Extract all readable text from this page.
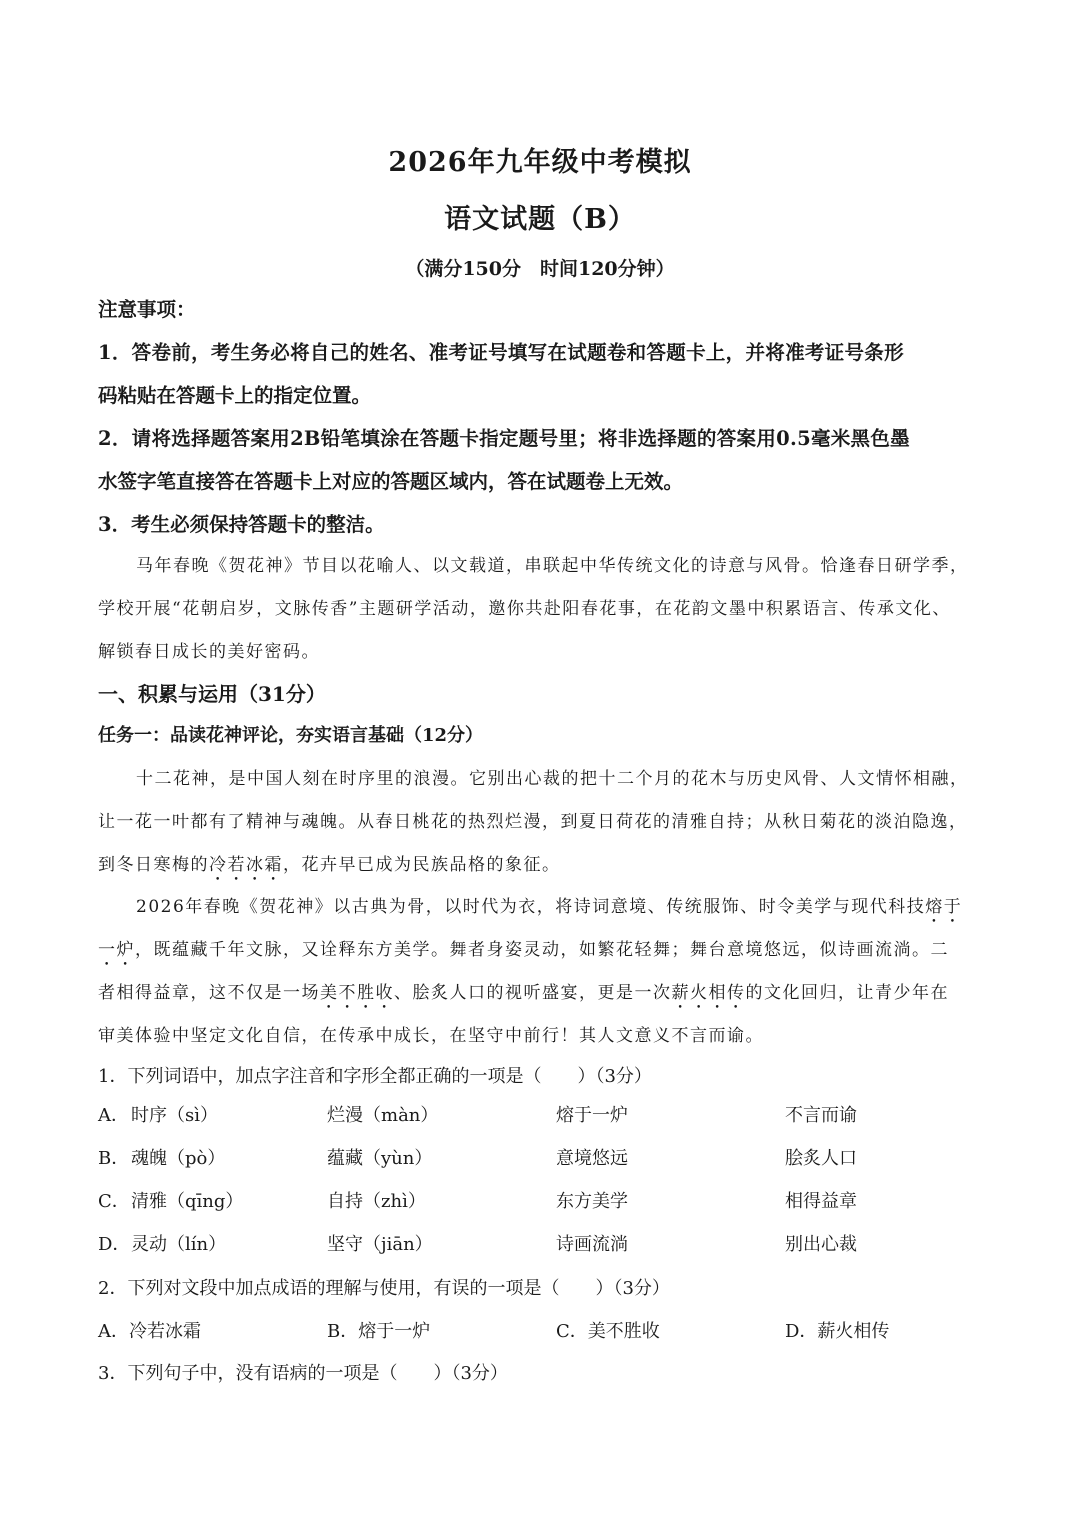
2026年九年级中考模拟
语文试题（B）
（满分150分　时间120分钟）
注意事项：
1．答卷前，考生务必将自己的姓名、准考证号填写在试题卷和答题卡上，并将准考证号条形
码粘贴在答题卡上的指定位置。
2．请将选择题答案用2B铅笔填涂在答题卡指定题号里；将非选择题的答案用0.5毫米黑色墨
水签字笔直接答在答题卡上对应的答题区域内，答在试题卷上无效。
3．考生必须保持答题卡的整洁。
马年春晚《贺花神》节目以花喻人、以文载道，串联起中华传统文化的诗意与风骨。恰逢春日研学季，
学校开展“花朝启岁，文脉传香”主题研学活动，邀你共赴阳春花事，在花韵文墨中积累语言、传承文化、
解锁春日成长的美好密码。
一、积累与运用（31分）
任务一：品读花神评论，夯实语言基础（12分）
十二花神，是中国人刻在时序里的浪漫。它别出心裁的把十二个月的花木与历史风骨、人文情怀相融，
让一花一叶都有了精神与魂魄。从春日桃花的热烈烂漫，到夏日荷花的清雅自持；从秋日菊花的淡泊隐逸，
到冬日寒梅的冷若冰霜，花卉早已成为民族品格的象征。
2026年春晚《贺花神》以古典为骨，以时代为衣，将诗词意境、传统服饰、时令美学与现代科技熔于
一炉，既蕴藏千年文脉，又诠释东方美学。舞者身姿灵动，如繁花轻舞；舞台意境悠远，似诗画流淌。二
者相得益章，这不仅是一场美不胜收、脍炙人口的视听盛宴，更是一次薪火相传的文化回归，让青少年在
审美体验中坚定文化自信，在传承中成长，在坚守中前行！其人文意义不言而谕。
1．下列词语中，加点字注音和字形全都正确的一项是（　　）（3分）
A． 时序（sì）	烂漫（màn）	熔于一炉	不言而谕
B． 魂魄（pò）	蕴藏（yùn）	意境悠远	脍炙人口
C． 清雅（qīng）	自持（zhì）	东方美学	相得益章
D． 灵动（lín）	坚守（jiān）	诗画流淌	别出心裁
2．下列对文段中加点成语的理解与使用，有误的一项是（　　）（3分）
A．冷若冰霜	B．熔于一炉	C．美不胜收	D．薪火相传
3．下列句子中，没有语病的一项是（　　）（3分）
